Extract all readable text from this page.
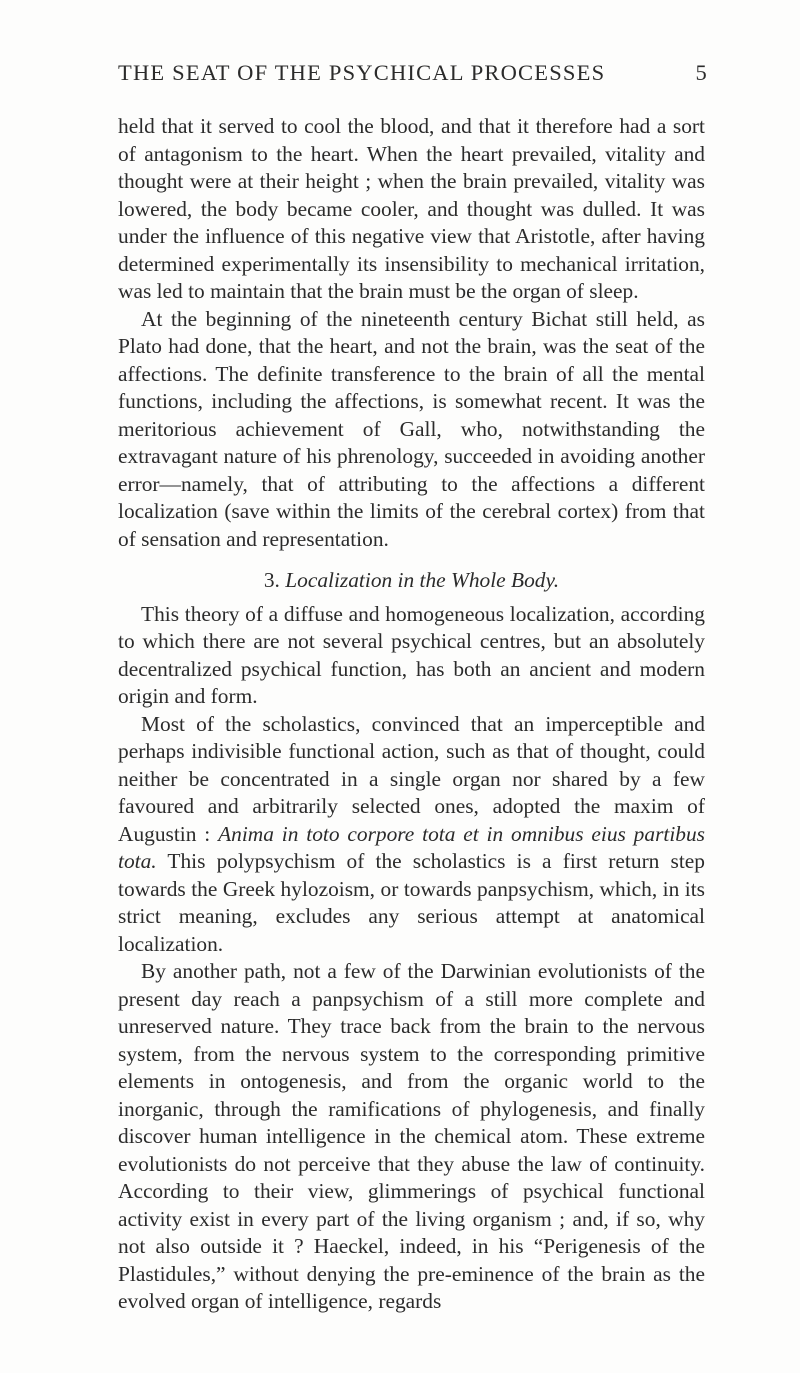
THE SEAT OF THE PSYCHICAL PROCESSES	5

held that it served to cool the blood, and that it therefore had a sort of antagonism to the heart. When the heart prevailed, vitality and thought were at their height ; when the brain prevailed, vitality was lowered, the body became cooler, and thought was dulled. It was under the influence of this negative view that Aristotle, after having determined experimentally its insensibility to mechanical irritation, was led to maintain that the brain must be the organ of sleep.

At the beginning of the nineteenth century Bichat still held, as Plato had done, that the heart, and not the brain, was the seat of the affections. The definite transference to the brain of all the mental functions, including the affections, is somewhat recent. It was the meritorious achievement of Gall, who, notwithstanding the extravagant nature of his phrenology, succeeded in avoiding another error—namely, that of attributing to the affections a different localization (save within the limits of the cerebral cortex) from that of sensation and representation.

3. Localization in the Whole Body.

This theory of a diffuse and homogeneous localization, according to which there are not several psychical centres, but an absolutely decentralized psychical function, has both an ancient and modern origin and form.

Most of the scholastics, convinced that an imperceptible and perhaps indivisible functional action, such as that of thought, could neither be concentrated in a single organ nor shared by a few favoured and arbitrarily selected ones, adopted the maxim of Augustin : Anima in toto corpore tota et in omnibus eius partibus tota. This polypsychism of the scholastics is a first return step towards the Greek hylozoism, or towards panpsychism, which, in its strict meaning, excludes any serious attempt at anatomical localization.

By another path, not a few of the Darwinian evolutionists of the present day reach a panpsychism of a still more complete and unreserved nature. They trace back from the brain to the nervous system, from the nervous system to the corresponding primitive elements in ontogenesis, and from the organic world to the inorganic, through the ramifications of phylogenesis, and finally discover human intelligence in the chemical atom. These extreme evolutionists do not perceive that they abuse the law of continuity. According to their view, glimmerings of psychical functional activity exist in every part of the living organism ; and, if so, why not also outside it ? Haeckel, indeed, in his “Perigenesis of the Plastidules,” without denying the pre-eminence of the brain as the evolved organ of intelligence, regards
